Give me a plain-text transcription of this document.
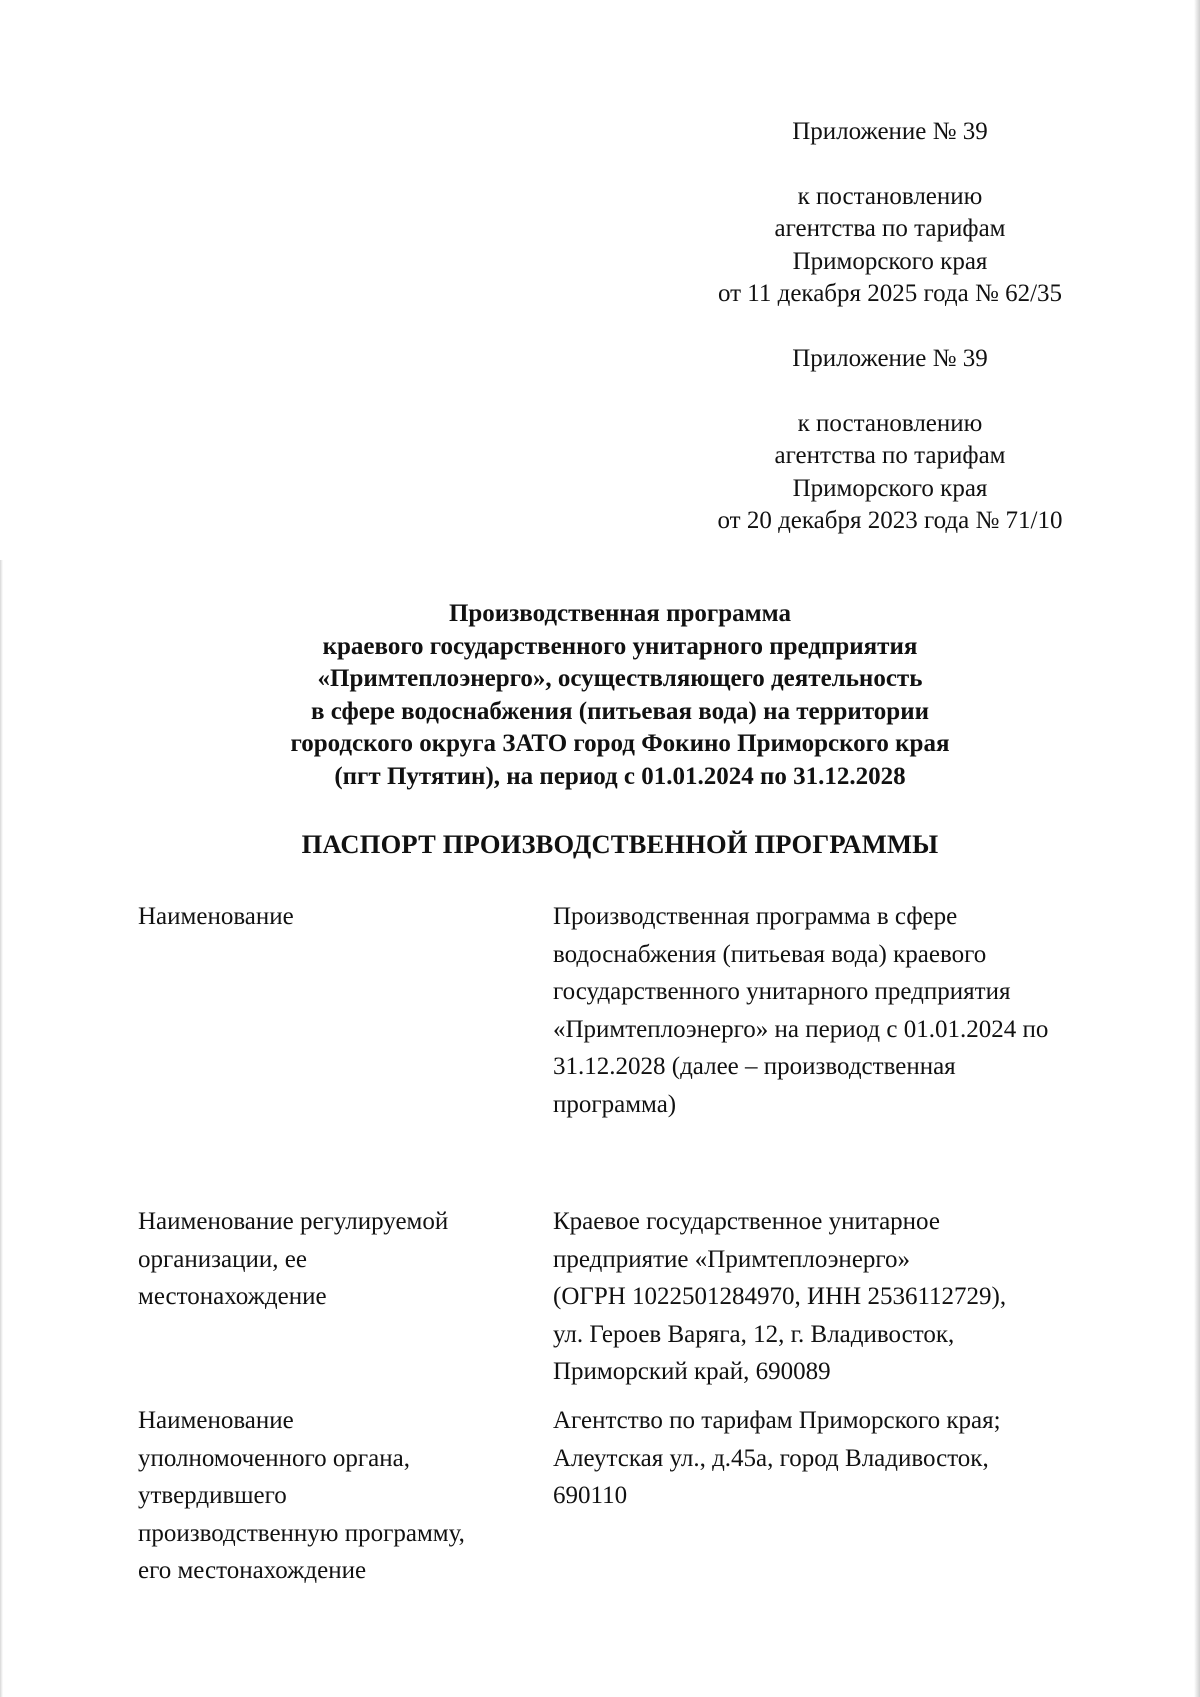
Приложение № 39
к постановлению
агентства по тарифам
Приморского края
от 11 декабря 2025 года № 62/35
Приложение № 39
к постановлению
агентства по тарифам
Приморского края
от 20 декабря 2023 года № 71/10
Производственная программа
краевого государственного унитарного предприятия
«Примтеплоэнерго», осуществляющего деятельность
в сфере водоснабжения (питьевая вода) на территории
городского округа ЗАТО город Фокино Приморского края
(пгт Путятин), на период с 01.01.2024 по 31.12.2028
ПАСПОРТ ПРОИЗВОДСТВЕННОЙ ПРОГРАММЫ
Наименование	Производственная программа в сфере
водоснабжения (питьевая вода) краевого
государственного унитарного предприятия
«Примтеплоэнерго» на период с 01.01.2024 по
31.12.2028 (далее – производственная
программа)
Наименование регулируемой
организации, ее
местонахождение
Краевое государственное унитарное
предприятие «Примтеплоэнерго»
(ОГРН 1022501284970, ИНН 2536112729),
ул. Героев Варяга, 12, г. Владивосток,
Приморский край, 690089
Наименование
уполномоченного органа,
утвердившего
производственную программу,
его местонахождение
Агентство по тарифам Приморского края;
Алеутская ул., д.45а, город Владивосток,
690110
